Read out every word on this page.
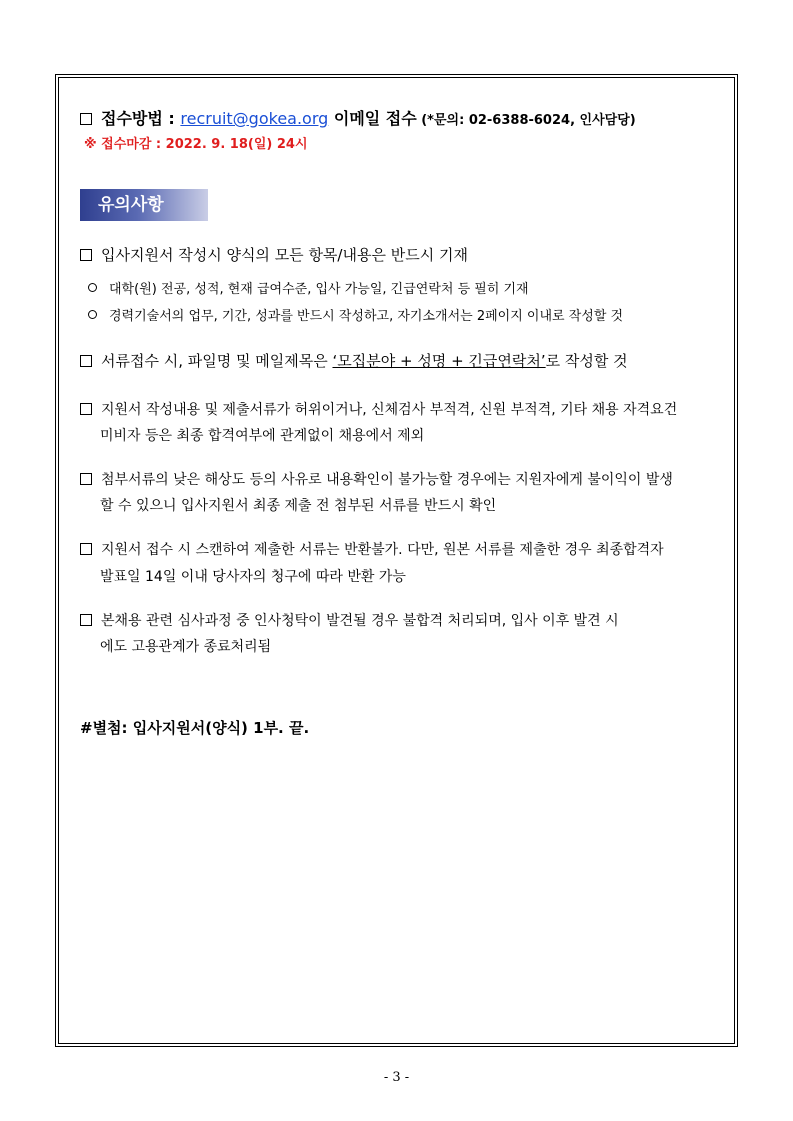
접수방법 : recruit@gokea.org 이메일 접수 (*문의: 02-6388-6024, 인사담당)
※ 접수마감 : 2022. 9. 18(일) 24시
유의사항
입사지원서 작성시 양식의 모든 항목/내용은 반드시 기재
대학(원) 전공, 성적, 현재 급여수준, 입사 가능일, 긴급연락처 등 필히 기재
경력기술서의 업무, 기간, 성과를 반드시 작성하고, 자기소개서는 2페이지 이내로 작성할 것
서류접수 시, 파일명 및 메일제목은 ‘모집분야 + 성명 + 긴급연락처’로 작성할 것
지원서 작성내용 및 제출서류가 허위이거나, 신체검사 부적격, 신원 부적격, 기타 채용 자격요건
미비자 등은 최종 합격여부에 관계없이 채용에서 제외
첨부서류의 낮은 해상도 등의 사유로 내용확인이 불가능할 경우에는 지원자에게 불이익이 발생
할 수 있으니 입사지원서 최종 제출 전 첨부된 서류를 반드시 확인
지원서 접수 시 스캔하여 제출한 서류는 반환불가. 다만, 원본 서류를 제출한 경우 최종합격자
발표일 14일 이내 당사자의 청구에 따라 반환 가능
본채용 관련 심사과정 중 인사청탁이 발견될 경우 불합격 처리되며, 입사 이후 발견 시
에도 고용관계가 종료처리됨
#별첨: 입사지원서(양식) 1부. 끝.
- 3 -
